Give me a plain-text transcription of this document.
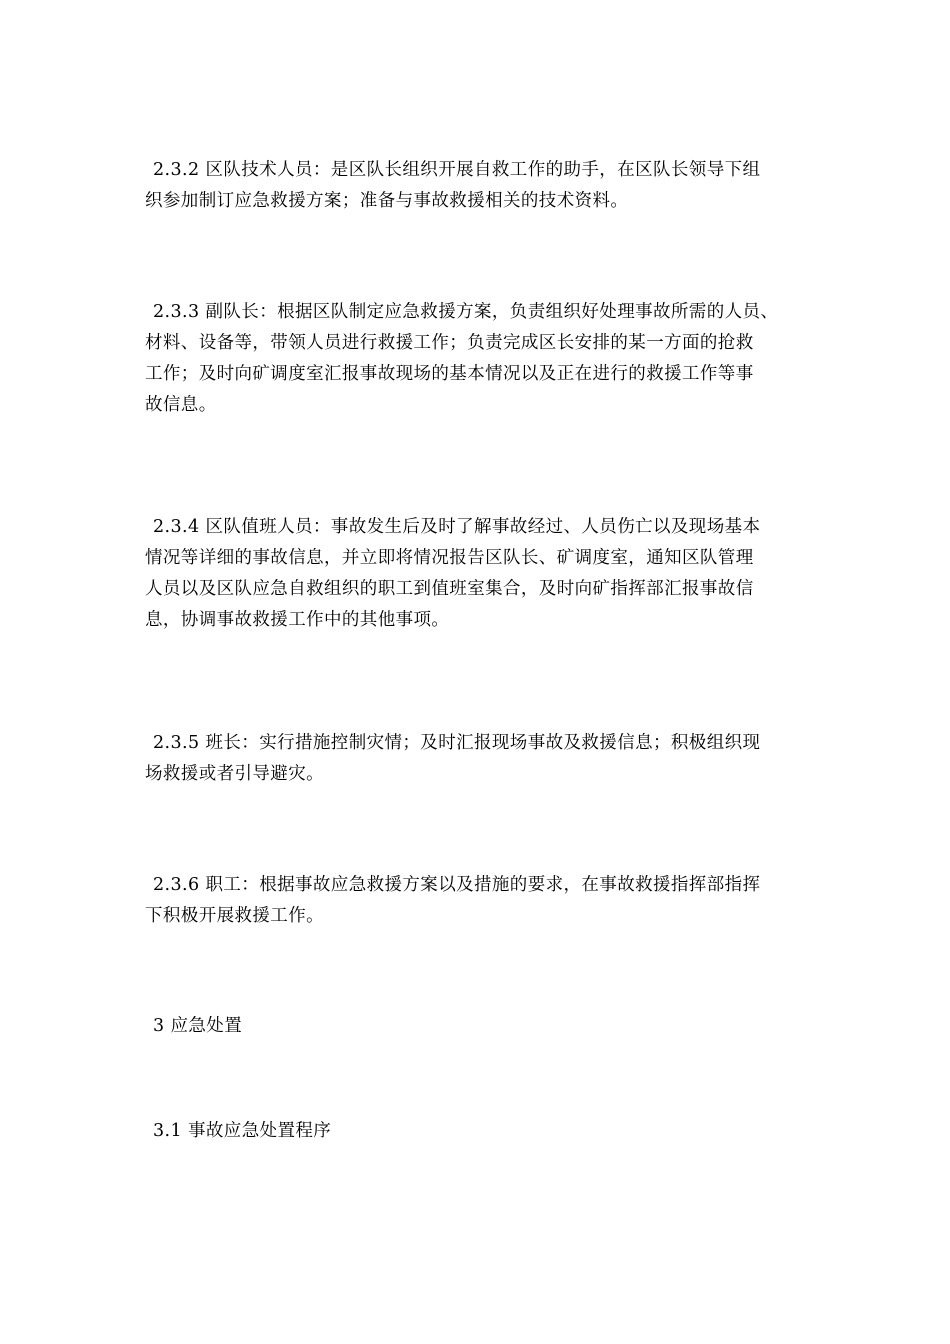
2.3.2 区队技术人员：是区队长组织开展自救工作的助手，在区队长领导下组
织参加制订应急救援方案；准备与事故救援相关的技术资料。
2.3.3 副队长：根据区队制定应急救援方案，负责组织好处理事故所需的人员、
材料、设备等，带领人员进行救援工作；负责完成区长安排的某一方面的抢救
工作；及时向矿调度室汇报事故现场的基本情况以及正在进行的救援工作等事
故信息。
2.3.4 区队值班人员：事故发生后及时了解事故经过、人员伤亡以及现场基本
情况等详细的事故信息，并立即将情况报告区队长、矿调度室，通知区队管理
人员以及区队应急自救组织的职工到值班室集合，及时向矿指挥部汇报事故信
息，协调事故救援工作中的其他事项。
2.3.5 班长：实行措施控制灾情；及时汇报现场事故及救援信息；积极组织现
场救援或者引导避灾。
2.3.6 职工：根据事故应急救援方案以及措施的要求，在事故救援指挥部指挥
下积极开展救援工作。
3 应急处置
3.1 事故应急处置程序
